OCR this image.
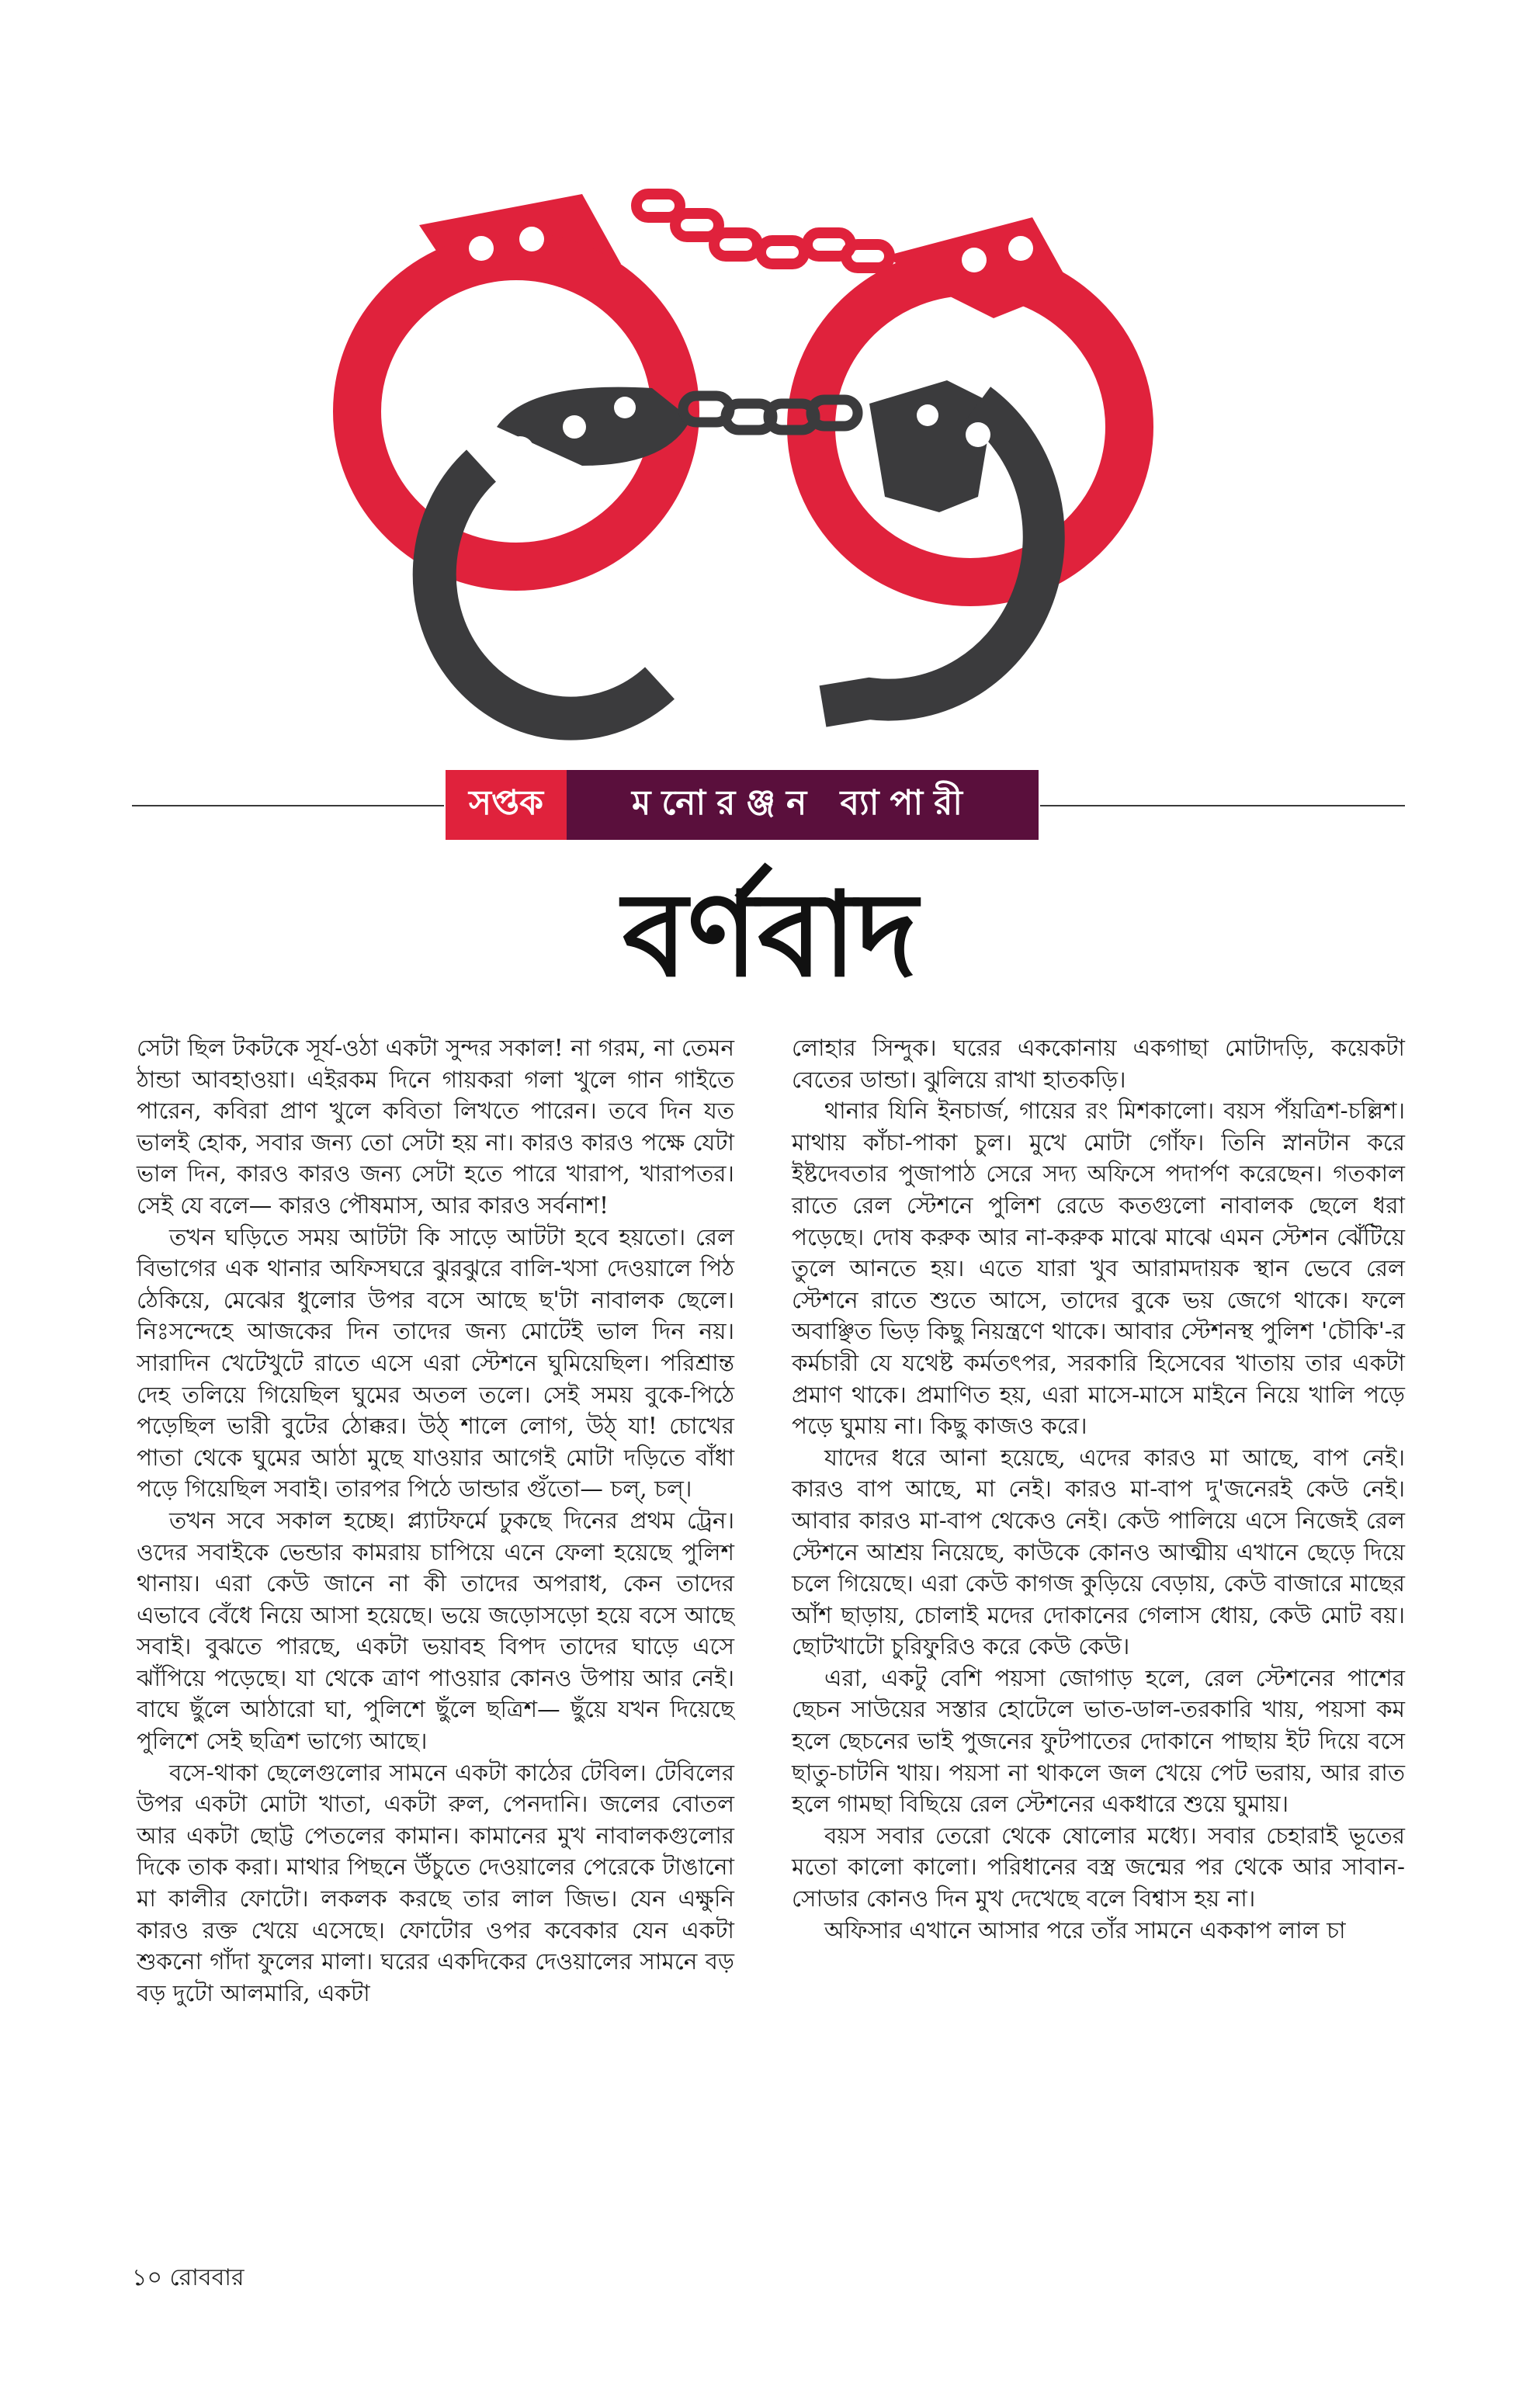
সপ্তক	মনোরঞ্জন ব্যাপারী
বর্ণবাদ

সেটা ছিল টকটকে সূর্য-ওঠা একটা সুন্দর সকাল! না গরম, না তেমন ঠান্ডা আবহাওয়া। এইরকম দিনে গায়করা গলা খুলে গান গাইতে পারেন, কবিরা প্রাণ খুলে কবিতা লিখতে পারেন। তবে দিন যত ভালই হোক, সবার জন্য তো সেটা হয় না। কারও কারও পক্ষে যেটা ভাল দিন, কারও কারও জন্য সেটা হতে পারে খারাপ, খারাপতর। সেই যে বলে— কারও পৌষমাস, আর কারও সর্বনাশ!

তখন ঘড়িতে সময় আটটা কি সাড়ে আটটা হবে হয়তো। রেল বিভাগের এক থানার অফিসঘরে ঝুরঝুরে বালি-খসা দেওয়ালে পিঠ ঠেকিয়ে, মেঝের ধুলোর উপর বসে আছে ছ'টা নাবালক ছেলে। নিঃসন্দেহে আজকের দিন তাদের জন্য মোটেই ভাল দিন নয়। সারাদিন খেটেখুটে রাতে এসে এরা স্টেশনে ঘুমিয়েছিল। পরিশ্রান্ত দেহ তলিয়ে গিয়েছিল ঘুমের অতল তলে। সেই সময় বুকে-পিঠে পড়েছিল ভারী বুটের ঠোক্কর। উঠ্ শালে লোগ, উঠ্ যা! চোখের পাতা থেকে ঘুমের আঠা মুছে যাওয়ার আগেই মোটা দড়িতে বাঁধা পড়ে গিয়েছিল সবাই। তারপর পিঠে ডান্ডার গুঁতো— চল্, চল্।

তখন সবে সকাল হচ্ছে। প্ল্যাটফর্মে ঢুকছে দিনের প্রথম ট্রেন। ওদের সবাইকে ভেন্ডার কামরায় চাপিয়ে এনে ফেলা হয়েছে পুলিশ থানায়। এরা কেউ জানে না কী তাদের অপরাধ, কেন তাদের এভাবে বেঁধে নিয়ে আসা হয়েছে। ভয়ে জড়োসড়ো হয়ে বসে আছে সবাই। বুঝতে পারছে, একটা ভয়াবহ বিপদ তাদের ঘাড়ে এসে ঝাঁপিয়ে পড়েছে। যা থেকে ত্রাণ পাওয়ার কোনও উপায় আর নেই। বাঘে ছুঁলে আঠারো ঘা, পুলিশে ছুঁলে ছত্রিশ— ছুঁয়ে যখন দিয়েছে পুলিশে সেই ছত্রিশ ভাগ্যে আছে।

বসে-থাকা ছেলেগুলোর সামনে একটা কাঠের টেবিল। টেবিলের উপর একটা মোটা খাতা, একটা রুল, পেনদানি। জলের বোতল আর একটা ছোট্ট পেতলের কামান। কামানের মুখ নাবালকগুলোর দিকে তাক করা। মাথার পিছনে উঁচুতে দেওয়ালের পেরেকে টাঙানো মা কালীর ফোটো। লকলক করছে তার লাল জিভ। যেন এক্ষুনি কারও রক্ত খেয়ে এসেছে। ফোটোর ওপর কবেকার যেন একটা শুকনো গাঁদা ফুলের মালা। ঘরের একদিকের দেওয়ালের সামনে বড় বড় দুটো আলমারি, একটা

লোহার সিন্দুক। ঘরের এককোনায় একগাছা মোটাদড়ি, কয়েকটা বেতের ডান্ডা। ঝুলিয়ে রাখা হাতকড়ি।

থানার যিনি ইনচার্জ, গায়ের রং মিশকালো। বয়স পঁয়ত্রিশ-চল্লিশ। মাথায় কাঁচা-পাকা চুল। মুখে মোটা গোঁফ। তিনি স্নানটান করে ইষ্টদেবতার পুজাপাঠ সেরে সদ্য অফিসে পদার্পণ করেছেন। গতকাল রাতে রেল স্টেশনে পুলিশ রেডে কতগুলো নাবালক ছেলে ধরা পড়েছে। দোষ করুক আর না-করুক মাঝে মাঝে এমন স্টেশন ঝেঁটিয়ে তুলে আনতে হয়। এতে যারা খুব আরামদায়ক স্থান ভেবে রেল স্টেশনে রাতে শুতে আসে, তাদের বুকে ভয় জেগে থাকে। ফলে অবাঞ্ছিত ভিড় কিছু নিয়ন্ত্রণে থাকে। আবার স্টেশনস্থ পুলিশ 'চৌকি'-র কর্মচারী যে যথেষ্ট কর্মতৎপর, সরকারি হিসেবের খাতায় তার একটা প্রমাণ থাকে। প্রমাণিত হয়, এরা মাসে-মাসে মাইনে নিয়ে খালি পড়ে পড়ে ঘুমায় না। কিছু কাজও করে।

যাদের ধরে আনা হয়েছে, এদের কারও মা আছে, বাপ নেই। কারও বাপ আছে, মা নেই। কারও মা-বাপ দু'জনেরই কেউ নেই। আবার কারও মা-বাপ থেকেও নেই। কেউ পালিয়ে এসে নিজেই রেল স্টেশনে আশ্রয় নিয়েছে, কাউকে কোনও আত্মীয় এখানে ছেড়ে দিয়ে চলে গিয়েছে। এরা কেউ কাগজ কুড়িয়ে বেড়ায়, কেউ বাজারে মাছের আঁশ ছাড়ায়, চোলাই মদের দোকানের গেলাস ধোয়, কেউ মোট বয়। ছোটখাটো চুরিফুরিও করে কেউ কেউ।

এরা, একটু বেশি পয়সা জোগাড় হলে, রেল স্টেশনের পাশের ছেচন সাউয়ের সস্তার হোটেলে ভাত-ডাল-তরকারি খায়, পয়সা কম হলে ছেচনের ভাই পুজনের ফুটপাতের দোকানে পাছায় ইট দিয়ে বসে ছাতু-চাটনি খায়। পয়সা না থাকলে জল খেয়ে পেট ভরায়, আর রাত হলে গামছা বিছিয়ে রেল স্টেশনের একধারে শুয়ে ঘুমায়।

বয়স সবার তেরো থেকে ষোলোর মধ্যে। সবার চেহারাই ভূতের মতো কালো কালো। পরিধানের বস্ত্র জন্মের পর থেকে আর সাবান-সোডার কোনও দিন মুখ দেখেছে বলে বিশ্বাস হয় না।

অফিসার এখানে আসার পরে তাঁর সামনে এককাপ লাল চা

১০ রোববার
